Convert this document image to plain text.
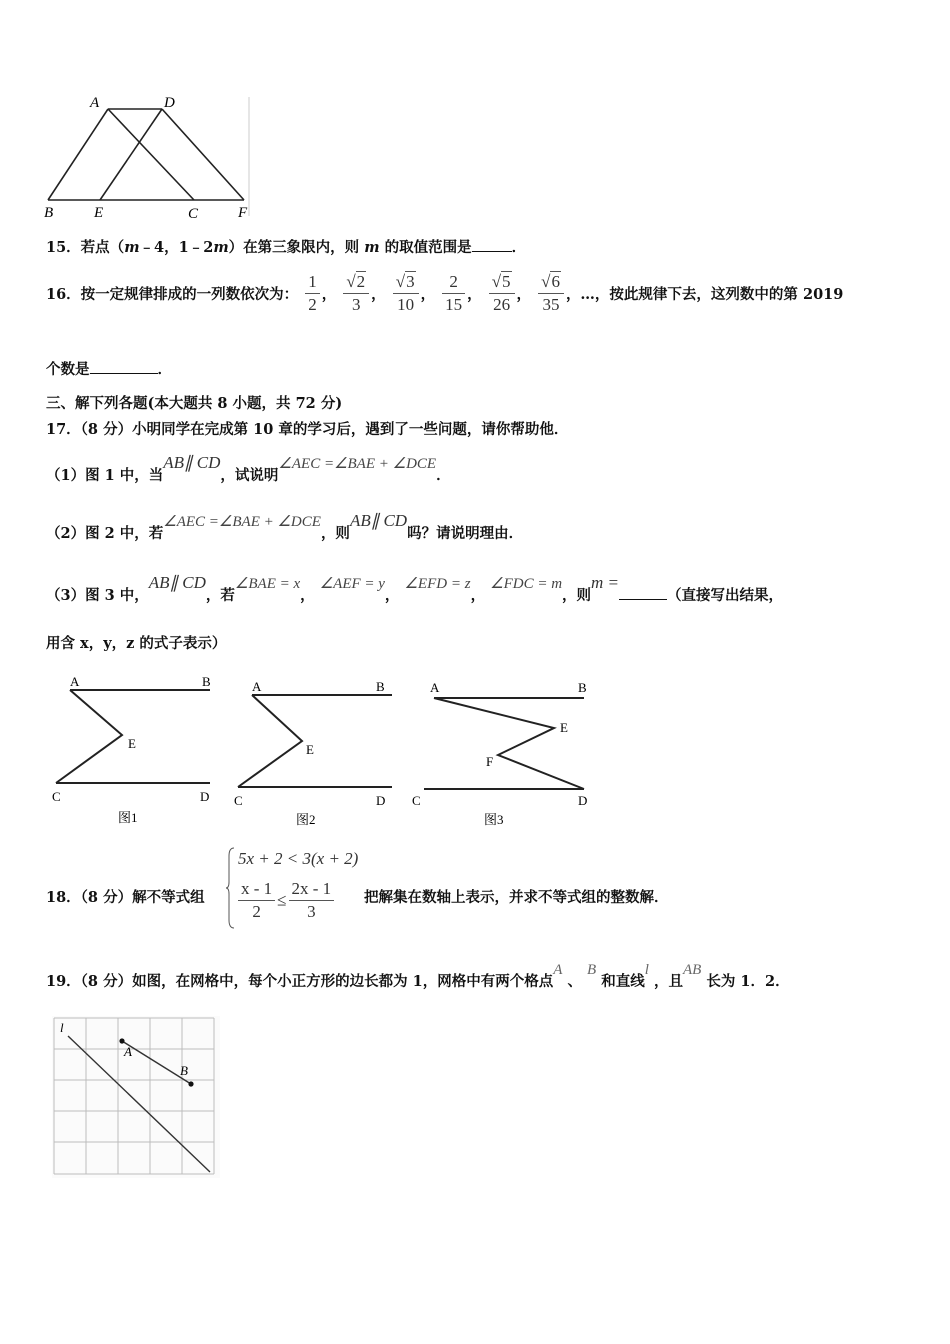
A	D
B	E	C	F
15．若点（m﹣4，1﹣2m）在第三象限内，则 m 的取值范围是	．
16．按一定规律排成的一列数依次为： $\frac{1}{2}$ ， $\frac{√2}{3}$ ， $\frac{√3}{10}$ ， $\frac{2}{15}$ ， $\frac{√5}{26}$ ， $\frac{√6}{35}$ ，…，按此规律下去，这列数中的第 2019
个数是	．
三、解下列各题(本大题共 8 小题，共 72 分)
17．（8 分）小明同学在完成第 10 章的学习后，遇到了一些问题，请你帮助他．
（1）图 1 中，当AB∥ CD，试说明∠AEC =∠BAE + ∠DCE．
（2）图 2 中，若∠AEC =∠BAE + ∠DCE，则AB∥ CD吗？请说明理由．
（3）图 3 中，AB∥ CD，若∠BAE = x， ∠AEF = y， ∠EFD = z， ∠FDC = m，则m =（直接写出结果，
用含 x，y，z 的式子表示）
A	B
E
C	D
图1
A	B
E
C	D
图2
A	B
E
F
C	D
图3
18．（8 分）解不等式组
5x + 2 < 3(x + 2)
$\frac{x - 1}{2} \le \frac{2x - 1}{3}$ 把解集在数轴上表示，并求不等式组的整数解．
19．（8 分）如图，在网格中，每个小正方形的边长都为 1，网格中有两个格点A 、 B 和直线l ，且AB 长为 1．2．
l
A
B
